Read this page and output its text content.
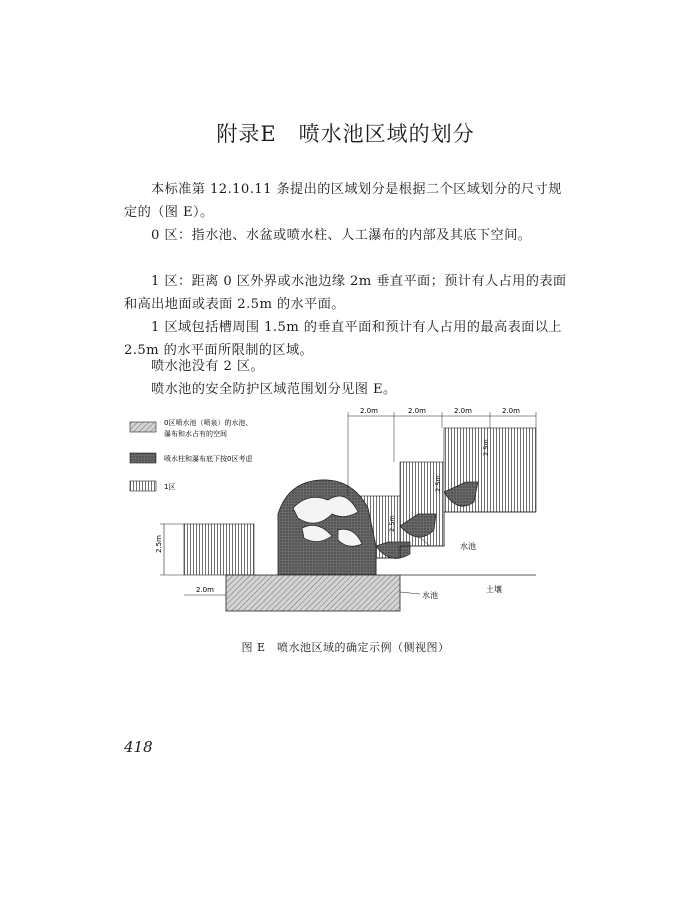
附录E　喷水池区域的划分

本标准第 12.10.11 条提出的区域划分是根据二个区域划分的尺寸规定的（图 E）。

0 区：指水池、水盆或喷水柱、人工瀑布的内部及其底下空间。

1 区：距离 0 区外界或水池边缘 2m 垂直平面；预计有人占用的表面和高出地面或表面 2.5m 的水平面。

1 区域包括槽周围 1.5m 的垂直平面和预计有人占用的最高表面以上 2.5m 的水平面所限制的区域。

喷水池没有 2 区。

喷水池的安全防护区域范围划分见图 E。

0区喷水池（喷泉）的水池、
瀑布和水占有的空间
喷水柱和瀑布底下按0区考虑
1区
2.5m
2.0m
2.0m	2.0m	2.0m	2.0m
2.5m
2.5m
2.5m
水池
水池
土壤
图 E　喷水池区域的确定示例（侧视图）
418
